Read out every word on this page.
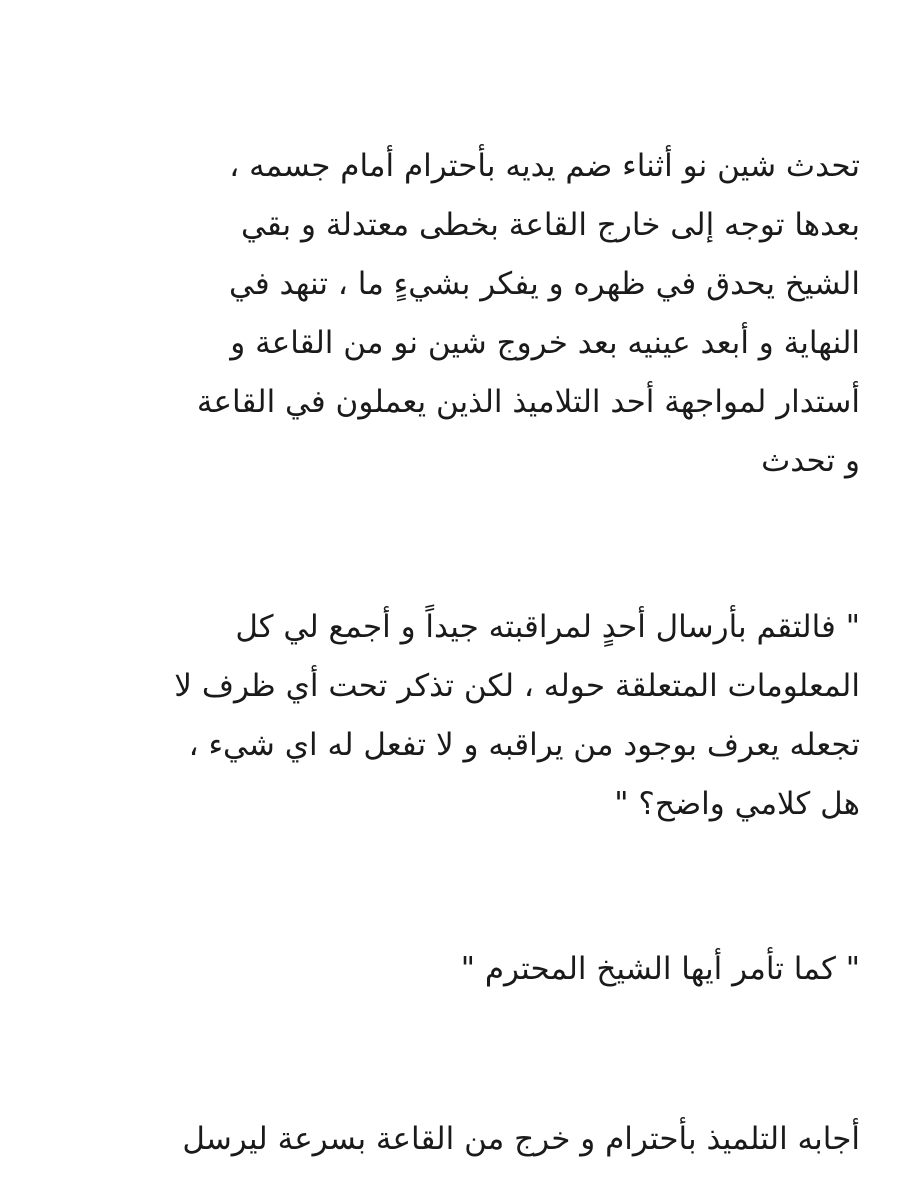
تحدث شين نو أثناء ضم يديه بأحترام أمام جسمه ،
بعدها توجه إلى خارج القاعة بخطى معتدلة و بقي
الشيخ يحدق في ظهره و يفكر بشيءٍ ما ، تنهد في
النهاية و أبعد عينيه بعد خروج شين نو من القاعة و
أستدار لمواجهة أحد التلاميذ الذين يعملون في القاعة
و تحدث

" فالتقم بأرسال أحدٍ لمراقبته جيداً و أجمع لي كل
المعلومات المتعلقة حوله ، لكن تذكر تحت أي ظرف لا
تجعله يعرف بوجود من يراقبه و لا تفعل له اي شيء ،
هل كلامي واضح؟ "

" كما تأمر أيها الشيخ المحترم "

أجابه التلميذ بأحترام و خرج من القاعة بسرعة ليرسل
